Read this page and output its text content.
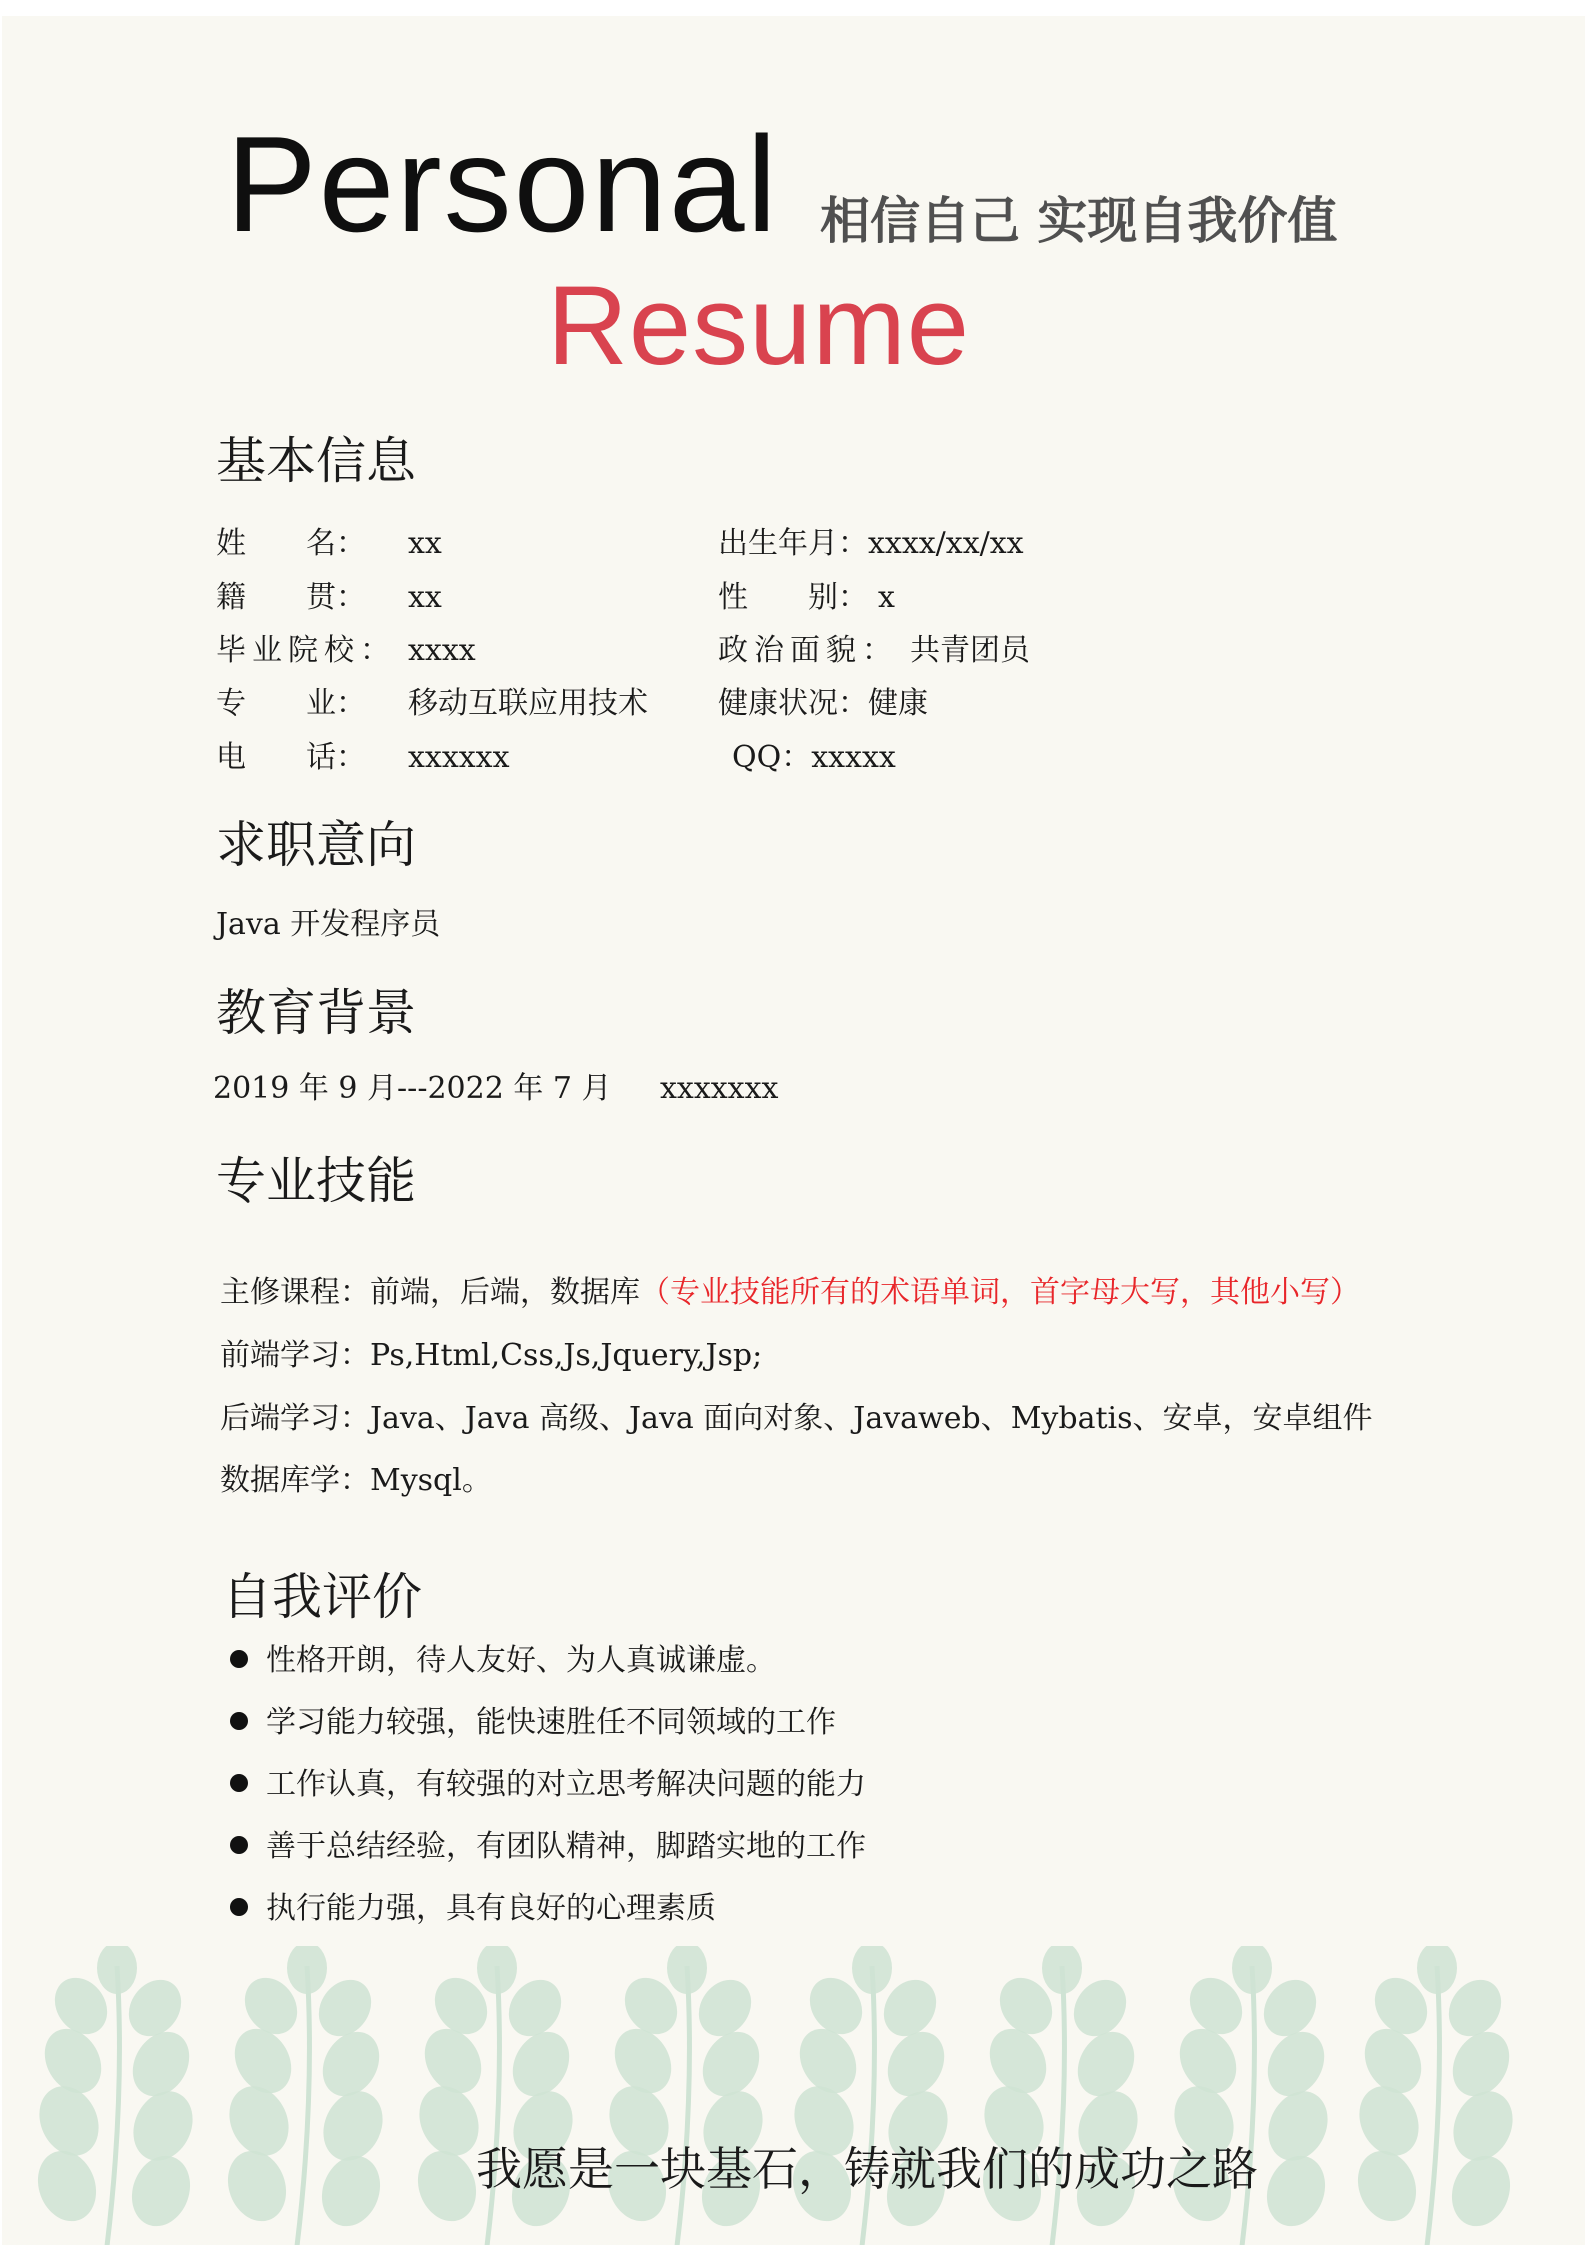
Personal 相信自己 实现自我价值
Resume
基本信息
姓　　名： xx
籍　　贯： xx
毕业院校： xxxx
专　　业： 移动互联应用技术
电　　话： xxxxxx
出生年月：xxxx/xx/xx
性　　别： x
政治面貌： 共青团员
健康状况：健康
QQ：xxxxx
求职意向
Java 开发程序员
教育背景
2019 年 9 月---2022 年 7 月 xxxxxxx
专业技能
主修课程：前端，后端，数据库（专业技能所有的术语单词，首字母大写，其他小写）
前端学习：Ps,Html,Css,Js,Jquery,Jsp;
后端学习：Java、Java 高级、Java 面向对象、Javaweb、Mybatis、安卓，安卓组件
数据库学：Mysql。
自我评价
性格开朗，待人友好、为人真诚谦虚。
学习能力较强，能快速胜任不同领域的工作
工作认真，有较强的对立思考解决问题的能力
善于总结经验，有团队精神，脚踏实地的工作
执行能力强，具有良好的心理素质
我愿是一块基石，铸就我们的成功之路
